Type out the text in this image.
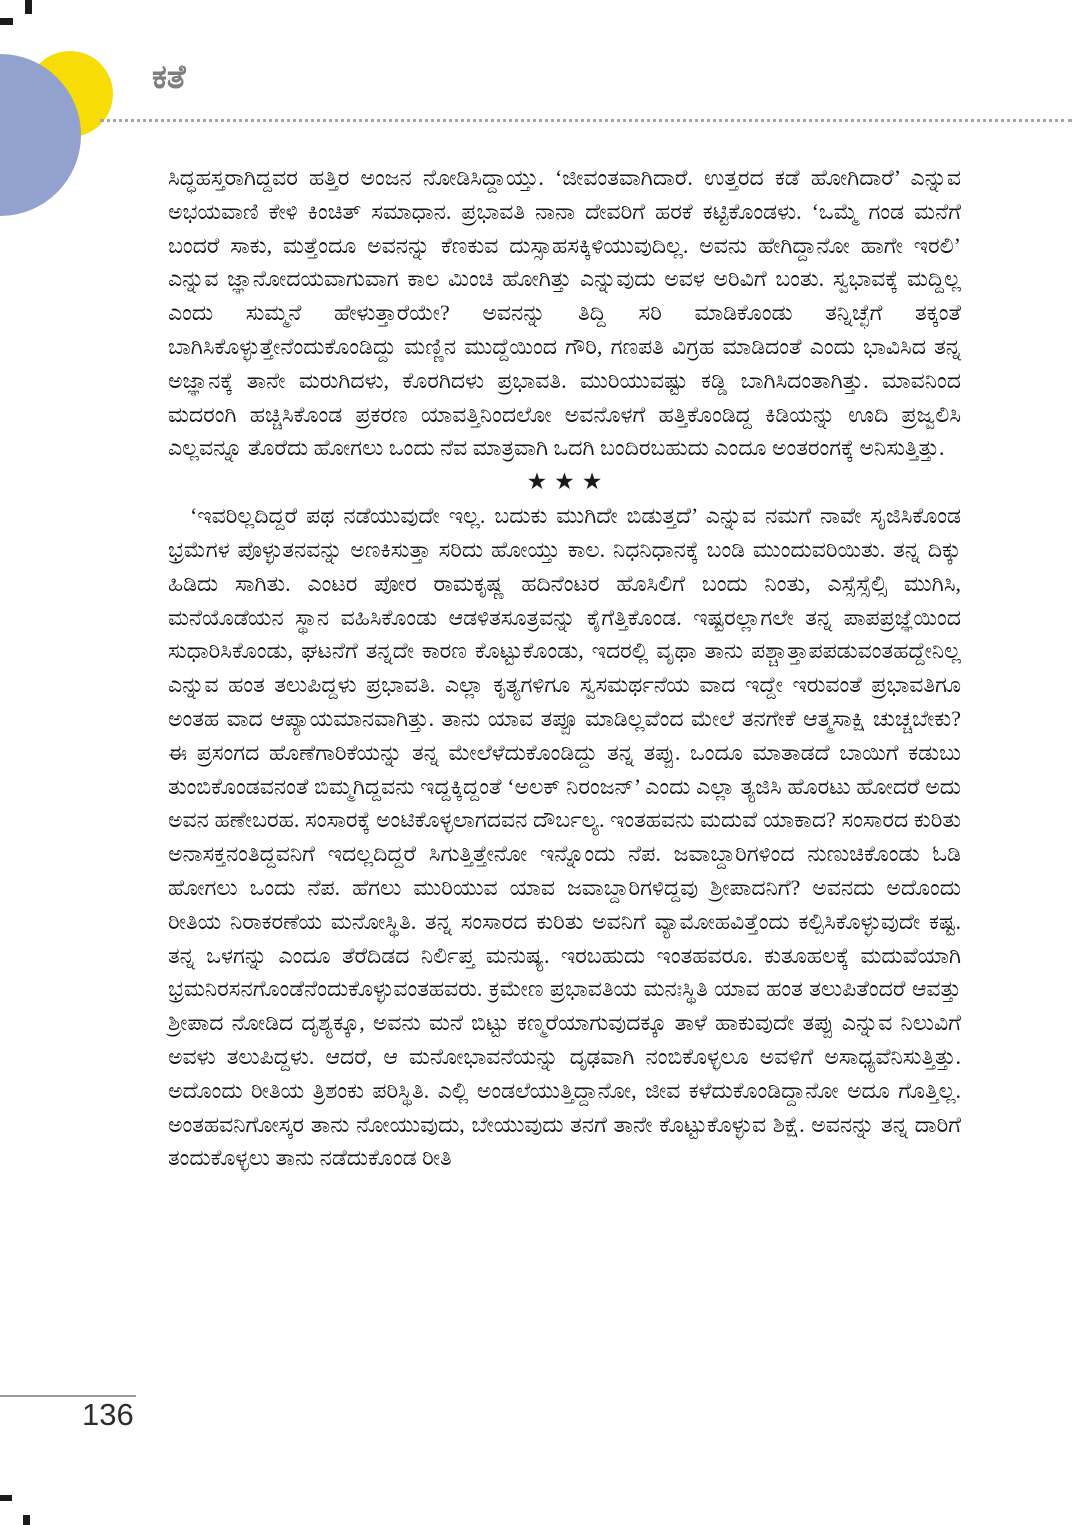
ಕತೆ

ಸಿದ್ಧಹಸ್ತರಾಗಿದ್ದವರ ಹತ್ತಿರ ಅಂಜನ ನೋಡಿಸಿದ್ದಾಯ್ತು. ‘ಜೀವಂತವಾಗಿದಾರೆ. ಉತ್ತರದ ಕಡೆ ಹೋಗಿದಾರೆ’ ಎನ್ನುವ ಅಭಯವಾಣಿ ಕೇಳಿ ಕಿಂಚಿತ್ ಸಮಾಧಾನ. ಪ್ರಭಾವತಿ ನಾನಾ ದೇವರಿಗೆ ಹರಕೆ ಕಟ್ಟಿಕೊಂಡಳು. ‘ಒಮ್ಮೆ ಗಂಡ ಮನೆಗೆ ಬಂದರೆ ಸಾಕು, ಮತ್ತೆಂದೂ ಅವನನ್ನು ಕೆಣಕುವ ದುಸ್ಸಾಹಸಕ್ಕಿಳಿಯುವುದಿಲ್ಲ. ಅವನು ಹೇಗಿದ್ದಾನೋ ಹಾಗೇ ಇರಲಿ’ ಎನ್ನುವ ಜ್ಞಾನೋದಯವಾಗುವಾಗ ಕಾಲ ಮಿಂಚಿ ಹೋಗಿತ್ತು ಎನ್ನುವುದು ಅವಳ ಅರಿವಿಗೆ ಬಂತು. ಸ್ವಭಾವಕ್ಕೆ ಮದ್ದಿಲ್ಲ ಎಂದು ಸುಮ್ಮನೆ ಹೇಳುತ್ತಾರೆಯೇ? ಅವನನ್ನು ತಿದ್ದಿ ಸರಿ ಮಾಡಿಕೊಂಡು ತನ್ನಿಚ್ಛೆಗೆ ತಕ್ಕಂತೆ ಬಾಗಿಸಿಕೊಳ್ಳುತ್ತೇನೆಂದುಕೊಂಡಿದ್ದು ಮಣ್ಣಿನ ಮುದ್ದೆಯಿಂದ ಗೌರಿ, ಗಣಪತಿ ವಿಗ್ರಹ ಮಾಡಿದಂತೆ ಎಂದು ಭಾವಿಸಿದ ತನ್ನ ಅಜ್ಞಾನಕ್ಕೆ ತಾನೇ ಮರುಗಿದಳು, ಕೊರಗಿದಳು ಪ್ರಭಾವತಿ. ಮುರಿಯುವಷ್ಟು ಕಡ್ಡಿ ಬಾಗಿಸಿದಂತಾಗಿತ್ತು. ಮಾವನಿಂದ ಮದರಂಗಿ ಹಚ್ಚಿಸಿಕೊಂಡ ಪ್ರಕರಣ ಯಾವತ್ತಿನಿಂದಲೋ ಅವನೊಳಗೆ ಹತ್ತಿಕೊಂಡಿದ್ದ ಕಿಡಿಯನ್ನು ಊದಿ ಪ್ರಜ್ವಲಿಸಿ ಎಲ್ಲವನ್ನೂ ತೊರೆದು ಹೋಗಲು ಒಂದು ನೆವ ಮಾತ್ರವಾಗಿ ಒದಗಿ ಬಂದಿರಬಹುದು ಎಂದೂ ಅಂತರಂಗಕ್ಕೆ ಅನಿಸುತ್ತಿತ್ತು.

★★★

‘ಇವರಿಲ್ಲದಿದ್ದರೆ ಪಥ ನಡೆಯುವುದೇ ಇಲ್ಲ. ಬದುಕು ಮುಗಿದೇ ಬಿಡುತ್ತದೆ’ ಎನ್ನುವ ನಮಗೆ ನಾವೇ ಸೃಜಿಸಿಕೊಂಡ ಭ್ರಮೆಗಳ ಪೊಳ್ಳುತನವನ್ನು ಅಣಕಿಸುತ್ತಾ ಸರಿದು ಹೋಯ್ತು ಕಾಲ. ನಿಧನಿಧಾನಕ್ಕೆ ಬಂಡಿ ಮುಂದುವರಿಯಿತು. ತನ್ನ ದಿಕ್ಕು ಹಿಡಿದು ಸಾಗಿತು. ಎಂಟರ ಪೋರ ರಾಮಕೃಷ್ಣ ಹದಿನೆಂಟರ ಹೊಸಿಲಿಗೆ ಬಂದು ನಿಂತು, ಎಸ್ಸೆಸ್ಸೆಲ್ಸಿ ಮುಗಿಸಿ, ಮನೆಯೊಡೆಯನ ಸ್ಥಾನ ವಹಿಸಿಕೊಂಡು ಆಡಳಿತಸೂತ್ರವನ್ನು ಕೈಗೆತ್ತಿಕೊಂಡ. ಇಷ್ಟರಲ್ಲಾಗಲೇ ತನ್ನ ಪಾಪಪ್ರಜ್ಞೆಯಿಂದ ಸುಧಾರಿಸಿಕೊಂಡು, ಘಟನೆಗೆ ತನ್ನದೇ ಕಾರಣ ಕೊಟ್ಟುಕೊಂಡು, ಇದರಲ್ಲಿ ವೃಥಾ ತಾನು ಪಶ್ಚಾತ್ತಾಪಪಡುವಂತಹದ್ದೇನಿಲ್ಲ ಎನ್ನುವ ಹಂತ ತಲುಪಿದ್ದಳು ಪ್ರಭಾವತಿ. ಎಲ್ಲಾ ಕೃತ್ಯಗಳಿಗೂ ಸ್ವಸಮರ್ಥನೆಯ ವಾದ ಇದ್ದೇ ಇರುವಂತೆ ಪ್ರಭಾವತಿಗೂ ಅಂತಹ ವಾದ ಆಪ್ಯಾಯಮಾನವಾಗಿತ್ತು. ತಾನು ಯಾವ ತಪ್ಪೂ ಮಾಡಿಲ್ಲವೆಂದ ಮೇಲೆ ತನಗೇಕೆ ಆತ್ಮಸಾಕ್ಷಿ ಚುಚ್ಚಬೇಕು? ಈ ಪ್ರಸಂಗದ ಹೊಣೆಗಾರಿಕೆಯನ್ನು ತನ್ನ ಮೇಲೆಳೆದುಕೊಂಡಿದ್ದು ತನ್ನ ತಪ್ಪು. ಒಂದೂ ಮಾತಾಡದೆ ಬಾಯಿಗೆ ಕಡುಬು ತುಂಬಿಕೊಂಡವನಂತೆ ಬಿಮ್ಮಗಿದ್ದವನು ಇದ್ದಕ್ಕಿದ್ದಂತೆ ‘ಅಲಕ್ ನಿರಂಜನ್’ ಎಂದು ಎಲ್ಲಾ ತ್ಯಜಿಸಿ ಹೊರಟು ಹೋದರೆ ಅದು ಅವನ ಹಣೇಬರಹ. ಸಂಸಾರಕ್ಕೆ ಅಂಟಿಕೊಳ್ಳಲಾಗದವನ ದೌರ್ಬಲ್ಯ. ಇಂತಹವನು ಮದುವೆ ಯಾಕಾದ? ಸಂಸಾರದ ಕುರಿತು ಅನಾಸಕ್ತನಂತಿದ್ದವನಿಗೆ ಇದಲ್ಲದಿದ್ದರೆ ಸಿಗುತ್ತಿತ್ತೇನೋ ಇನ್ನೊಂದು ನೆಪ. ಜವಾಬ್ದಾರಿಗಳಿಂದ ನುಣುಚಿಕೊಂಡು ಓಡಿ ಹೋಗಲು ಒಂದು ನೆಪ. ಹೆಗಲು ಮುರಿಯುವ ಯಾವ ಜವಾಬ್ದಾರಿಗಳಿದ್ದವು ಶ್ರೀಪಾದನಿಗೆ? ಅವನದು ಅದೊಂದು ರೀತಿಯ ನಿರಾಕರಣೆಯ ಮನೋಸ್ಥಿತಿ. ತನ್ನ ಸಂಸಾರದ ಕುರಿತು ಅವನಿಗೆ ವ್ಯಾಮೋಹವಿತ್ತೆಂದು ಕಲ್ಪಿಸಿಕೊಳ್ಳುವುದೇ ಕಷ್ಟ. ತನ್ನ ಒಳಗನ್ನು ಎಂದೂ ತೆರೆದಿಡದ ನಿರ್ಲಿಪ್ತ ಮನುಷ್ಯ. ಇರಬಹುದು ಇಂತಹವರೂ. ಕುತೂಹಲಕ್ಕೆ ಮದುವೆಯಾಗಿ ಭ್ರಮನಿರಸನಗೊಂಡೆನೆಂದುಕೊಳ್ಳುವಂತಹವರು. ಕ್ರಮೇಣ ಪ್ರಭಾವತಿಯ ಮನಃಸ್ಥಿತಿ ಯಾವ ಹಂತ ತಲುಪಿತೆಂದರೆ ಆವತ್ತು ಶ್ರೀಪಾದ ನೋಡಿದ ದೃಶ್ಯಕ್ಕೂ, ಅವನು ಮನೆ ಬಿಟ್ಟು ಕಣ್ಮರೆಯಾಗುವುದಕ್ಕೂ ತಾಳೆ ಹಾಕುವುದೇ ತಪ್ಪು ಎನ್ನುವ ನಿಲುವಿಗೆ ಅವಳು ತಲುಪಿದ್ದಳು. ಆದರೆ, ಆ ಮನೋಭಾವನೆಯನ್ನು ದೃಢವಾಗಿ ನಂಬಿಕೊಳ್ಳಲೂ ಅವಳಿಗೆ ಅಸಾಧ್ಯವೆನಿಸುತ್ತಿತ್ತು. ಅದೊಂದು ರೀತಿಯ ತ್ರಿಶಂಕು ಪರಿಸ್ಥಿತಿ. ಎಲ್ಲಿ ಅಂಡಲೆಯುತ್ತಿದ್ದಾನೋ, ಜೀವ ಕಳೆದುಕೊಂಡಿದ್ದಾನೋ ಅದೂ ಗೊತ್ತಿಲ್ಲ. ಅಂತಹವನಿಗೋಸ್ಕರ ತಾನು ನೋಯುವುದು, ಬೇಯುವುದು ತನಗೆ ತಾನೇ ಕೊಟ್ಟುಕೊಳ್ಳುವ ಶಿಕ್ಷೆ. ಅವನನ್ನು ತನ್ನ ದಾರಿಗೆ ತಂದುಕೊಳ್ಳಲು ತಾನು ನಡೆದುಕೊಂಡ ರೀತಿ

136
